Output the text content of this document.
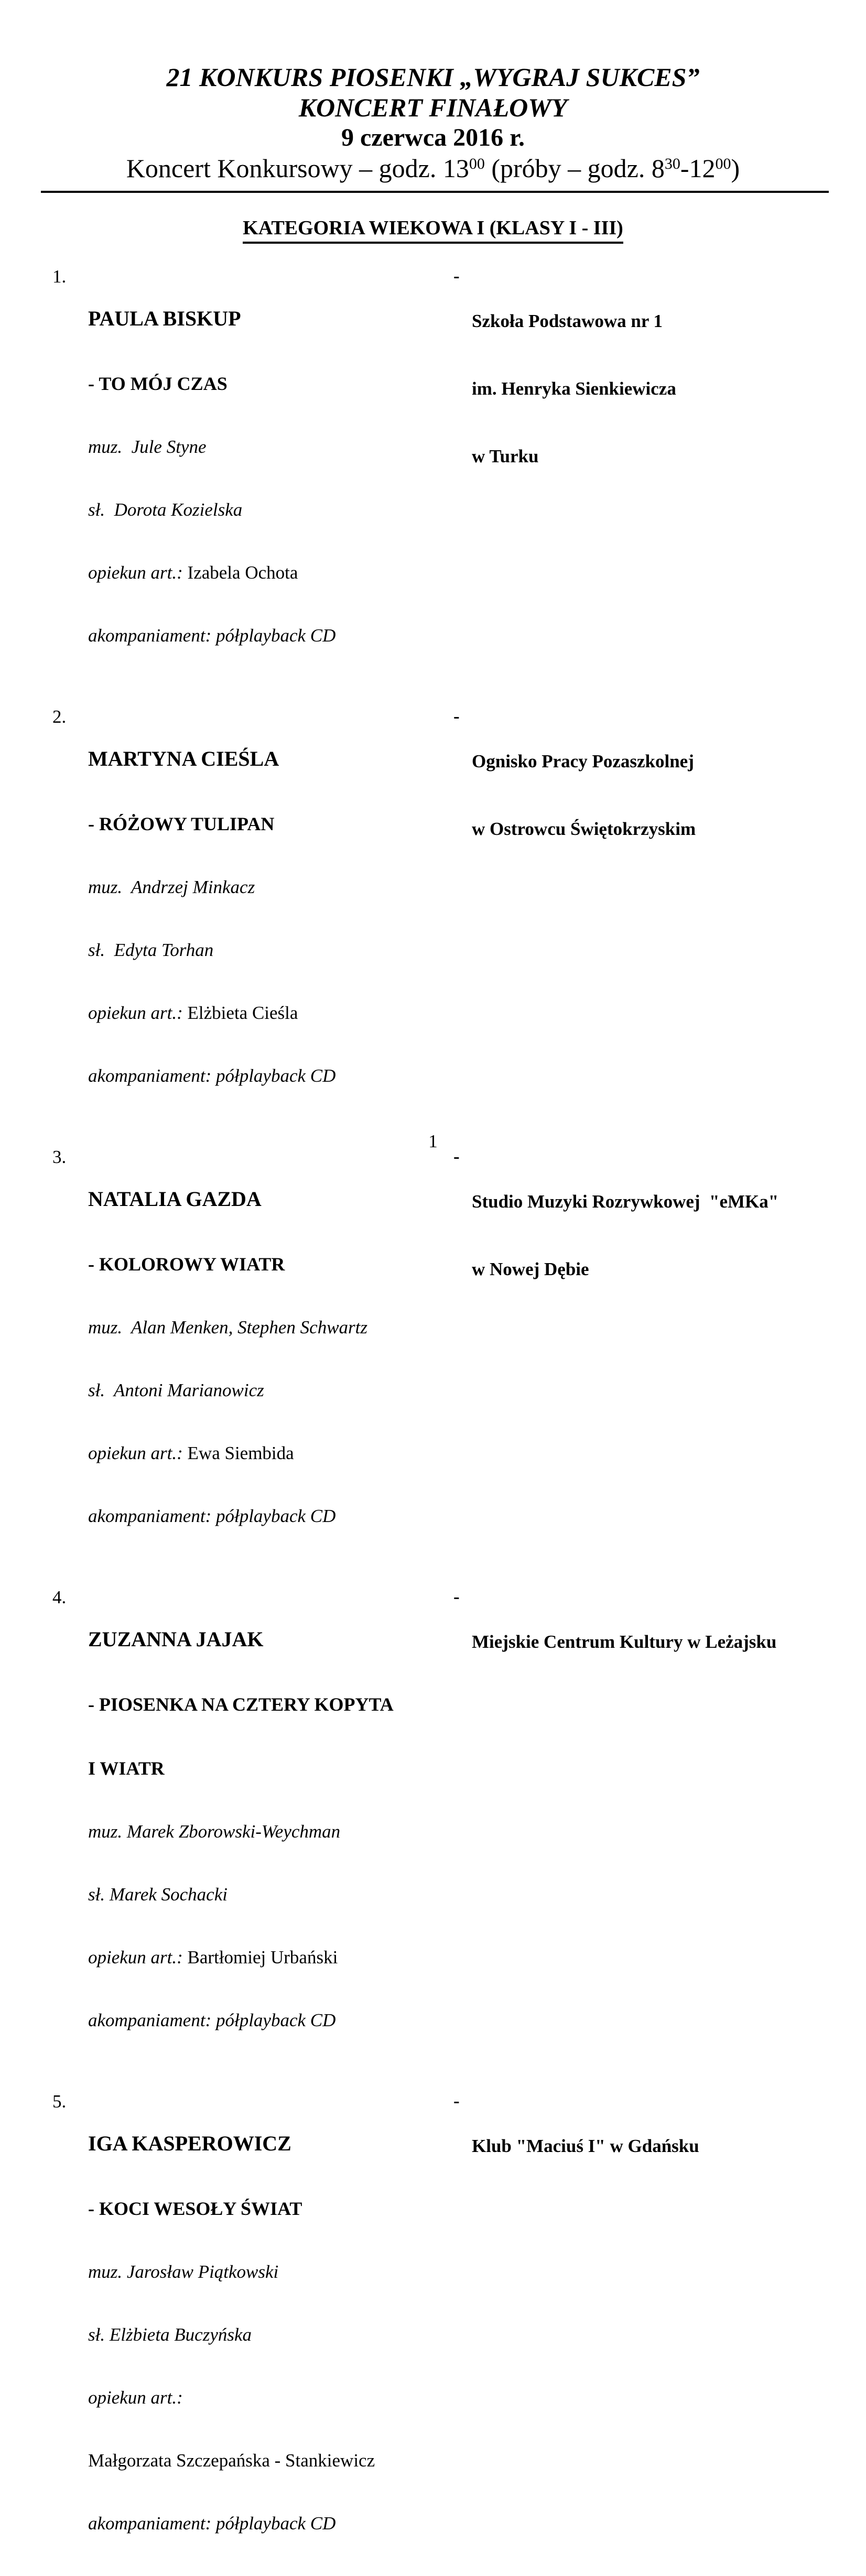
21 KONKURS PIOSENKI „WYGRAJ SUKCES”
KONCERT FINAŁOWY
9 czerwca 2016 r.
Koncert Konkursowy – godz. $13^{00}$ (próby – godz. $8^{30}-12^{00}$)
KATEGORIA WIEKOWA I (KLASY I - III)
1.

PAULA BISKUP

- TO MÓJ CZAS

muz.  Jule Styne

sł.  Dorota Kozielska

opiekun art.: Izabela Ochota

akompaniament: półplayback CD

-

Szkoła Podstawowa nr 1

im. Henryka Sienkiewicza

w Turku

2.

MARTYNA CIEŚLA

- RÓŻOWY TULIPAN

muz.  Andrzej Minkacz

sł.  Edyta Torhan

opiekun art.: Elżbieta Cieśla

akompaniament: półplayback CD

-

Ognisko Pracy Pozaszkolnej

w Ostrowcu Świętokrzyskim

3.

NATALIA GAZDA

- KOLOROWY WIATR

muz.  Alan Menken, Stephen Schwartz

sł.  Antoni Marianowicz

opiekun art.: Ewa Siembida

akompaniament: półplayback CD

-

Studio Muzyki Rozrywkowej  "eMKa"

w Nowej Dębie

4.

ZUZANNA JAJAK

- PIOSENKA NA CZTERY KOPYTA

I WIATR

muz. Marek Zborowski-Weychman

sł. Marek Sochacki

opiekun art.: Bartłomiej Urbański

akompaniament: półplayback CD

-

Miejskie Centrum Kultury w Leżajsku

5.

IGA KASPEROWICZ

- KOCI WESOŁY ŚWIAT

muz. Jarosław Piątkowski

sł. Elżbieta Buczyńska

opiekun art.:

Małgorzata Szczepańska - Stankiewicz

akompaniament: półplayback CD

-

Klub "Maciuś I" w Gdańsku

1
